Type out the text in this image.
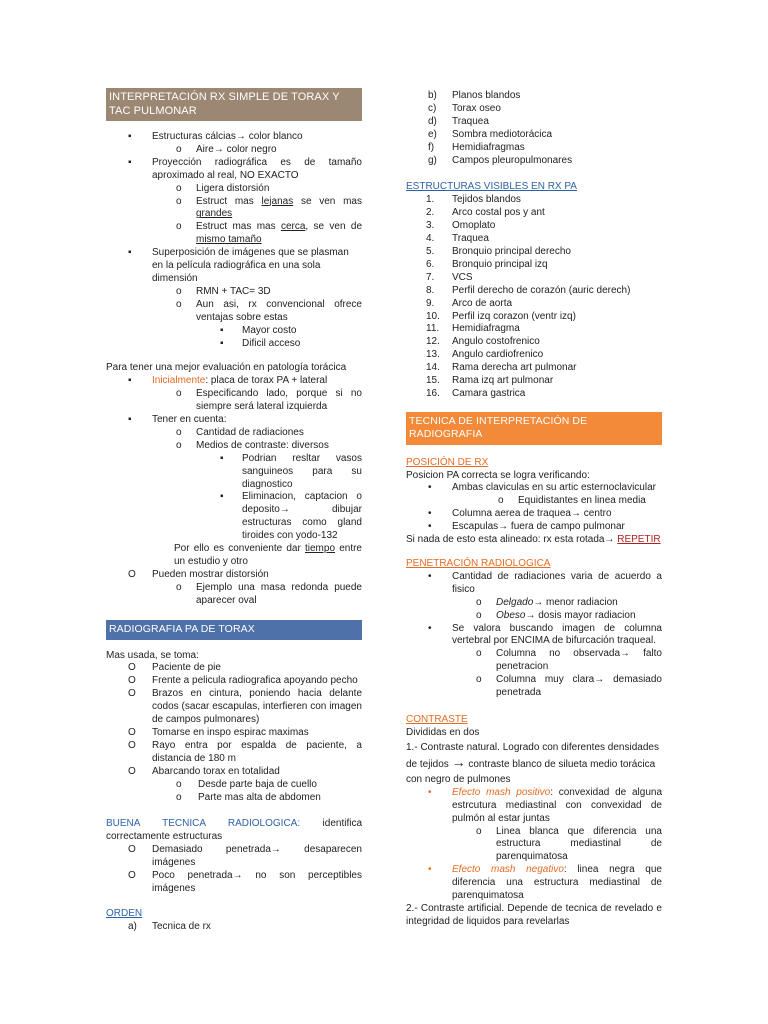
INTERPRETACIÓN RX SIMPLE DE TORAX Y TAC PULMONAR

▪ Estructuras cálcias→ color blanco

o Aire→ color negro

▪ Proyección radiográfica es de tamaño aproximado al real, NO EXACTO

o Ligera distorsión

o Estruct mas lejanas se ven mas grandes

o Estruct mas mas cerca, se ven de mismo tamaño

▪ Superposición de imágenes que se plasman en la película radiográfica en una sola dimensión

o RMN + TAC= 3D

o Aun asi, rx convencional ofrece ventajas sobre estas

▪ Mayor costo

▪ Dificil acceso

Para tener una mejor evaluación en patología torácica

▪ Inicialmente: placa de torax PA + lateral

o Especificando lado, porque si no siempre será lateral izquierda

▪ Tener en cuenta:

o Cantidad de radiaciones

o Medios de contraste: diversos

▪ Podrian resltar vasos sanguineos para su diagnostico

▪ Eliminacion, captacion o deposito→ dibujar estructuras como gland tiroides con yodo-132

Por ello es conveniente dar tiempo entre un estudio y otro

O Pueden mostrar distorsión

o Ejemplo una masa redonda puede aparecer oval

RADIOGRAFIA PA DE TORAX

Mas usada, se toma:

O Paciente de pie

O Frente a pelicula radiografica apoyando pecho

O Brazos en cintura, poniendo hacia delante codos (sacar escapulas, interfieren con imagen de campos pulmonares)

O Tomarse en inspo espirac maximas

O Rayo entra por espalda de paciente, a distancia de 180 m

O Abarcando torax en totalidad

o Desde parte baja de cuello

o Parte mas alta de abdomen

BUENA TECNICA RADIOLOGICA: identifica correctamente estructuras

O Demasiado penetrada→ desaparecen imágenes

O Poco penetrada→ no son perceptibles imágenes

ORDEN

a) Tecnica de rx

b) Planos blandos

c) Torax oseo

d) Traquea

e) Sombra mediotorácica

f) Hemidiafragmas

g) Campos pleuropulmonares

ESTRUCTURAS VISIBLES EN RX PA

1. Tejidos blandos

2. Arco costal pos y ant

3. Omoplato

4. Traquea

5. Bronquio principal derecho

6. Bronquio principal izq

7. VCS

8. Perfil derecho de corazón (auric derech)

9. Arco de aorta

10. Perfil izq corazon (ventr izq)

11. Hemidiafragma

12. Angulo costofrenico

13. Angulo cardiofrenico

14. Rama derecha art pulmonar

15. Rama izq art pulmonar

16. Camara gastrica

TECNICA DE INTERPRETACIÓN DE RADIOGRAFIA

POSICIÓN DE RX

Posicion PA correcta se logra verificando:

• Ambas claviculas en su artic esternoclavicular

o Equidistantes en linea media

• Columna aerea de traquea→ centro

• Escapulas→ fuera de campo pulmonar

Si nada de esto esta alineado: rx esta rotada→ REPETIR

PENETRACIÓN RADIOLOGICA

• Cantidad de radiaciones varia de acuerdo a fisico

o Delgado→ menor radiacion

o Obeso→ dosis mayor radiacion

• Se valora buscando imagen de columna vertebral por ENCIMA de bifurcación traqueal.

o Columna no observada→ falto penetracion

o Columna muy clara→ demasiado penetrada

CONTRASTE

Divididas en dos

1.- Contraste natural. Logrado con diferentes densidades de tejidos → contraste blanco de silueta medio torácica con negro de pulmones

• Efecto mash positivo: convexidad de alguna estrcutura mediastinal con convexidad de pulmón al estar juntas

o Linea blanca que diferencia una estructura mediastinal de parenquimatosa

• Efecto mash negativo: linea negra que diferencia una estructura mediastinal de parenquimatosa

2.- Contraste artificial. Depende de tecnica de revelado e integridad de liquidos para revelarlas
